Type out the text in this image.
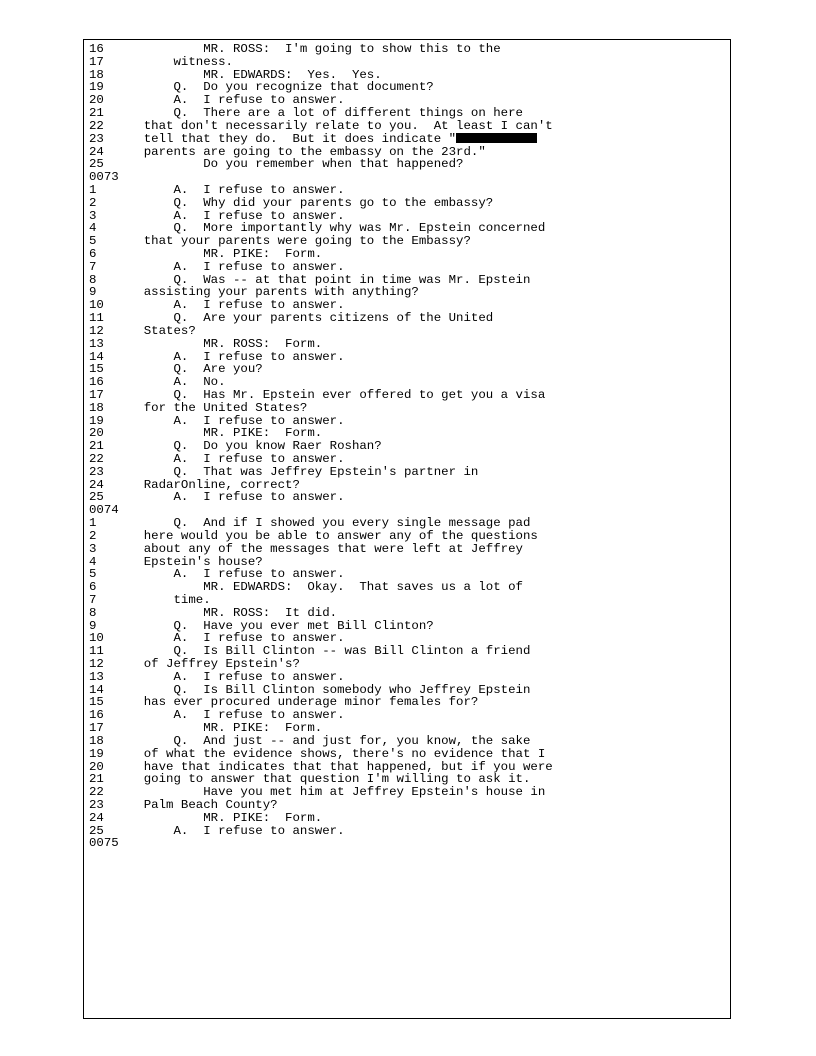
16 MR. ROSS:  I'm going to show this to the
17 witness.
18 MR. EDWARDS:  Yes.  Yes.
19 Q.  Do you recognize that document?
20 A.  I refuse to answer.
21 Q.  There are a lot of different things on here
22 that don't necessarily relate to you.  At least I can't
23 tell that they do.  But it does indicate "
24 parents are going to the embassy on the 23rd."
25 Do you remember when that happened?
0073
1 A.  I refuse to answer.
2 Q.  Why did your parents go to the embassy?
3 A.  I refuse to answer.
4 Q.  More importantly why was Mr. Epstein concerned
5 that your parents were going to the Embassy?
6 MR. PIKE:  Form.
7 A.  I refuse to answer.
8 Q.  Was -- at that point in time was Mr. Epstein
9 assisting your parents with anything?
10 A.  I refuse to answer.
11 Q.  Are your parents citizens of the United
12 States?
13 MR. ROSS:  Form.
14 A.  I refuse to answer.
15 Q.  Are you?
16 A.  No.
17 Q.  Has Mr. Epstein ever offered to get you a visa
18 for the United States?
19 A.  I refuse to answer.
20 MR. PIKE:  Form.
21 Q.  Do you know Raer Roshan?
22 A.  I refuse to answer.
23 Q.  That was Jeffrey Epstein's partner in
24 RadarOnline, correct?
25 A.  I refuse to answer.
0074
1 Q.  And if I showed you every single message pad
2 here would you be able to answer any of the questions
3 about any of the messages that were left at Jeffrey
4 Epstein's house?
5 A.  I refuse to answer.
6 MR. EDWARDS:  Okay.  That saves us a lot of
7 time.
8 MR. ROSS:  It did.
9 Q.  Have you ever met Bill Clinton?
10 A.  I refuse to answer.
11 Q.  Is Bill Clinton -- was Bill Clinton a friend
12 of Jeffrey Epstein's?
13 A.  I refuse to answer.
14 Q.  Is Bill Clinton somebody who Jeffrey Epstein
15 has ever procured underage minor females for?
16 A.  I refuse to answer.
17 MR. PIKE:  Form.
18 Q.  And just -- and just for, you know, the sake
19 of what the evidence shows, there's no evidence that I
20 have that indicates that that happened, but if you were
21 going to answer that question I'm willing to ask it.
22 Have you met him at Jeffrey Epstein's house in
23 Palm Beach County?
24 MR. PIKE:  Form.
25 A.  I refuse to answer.
0075
